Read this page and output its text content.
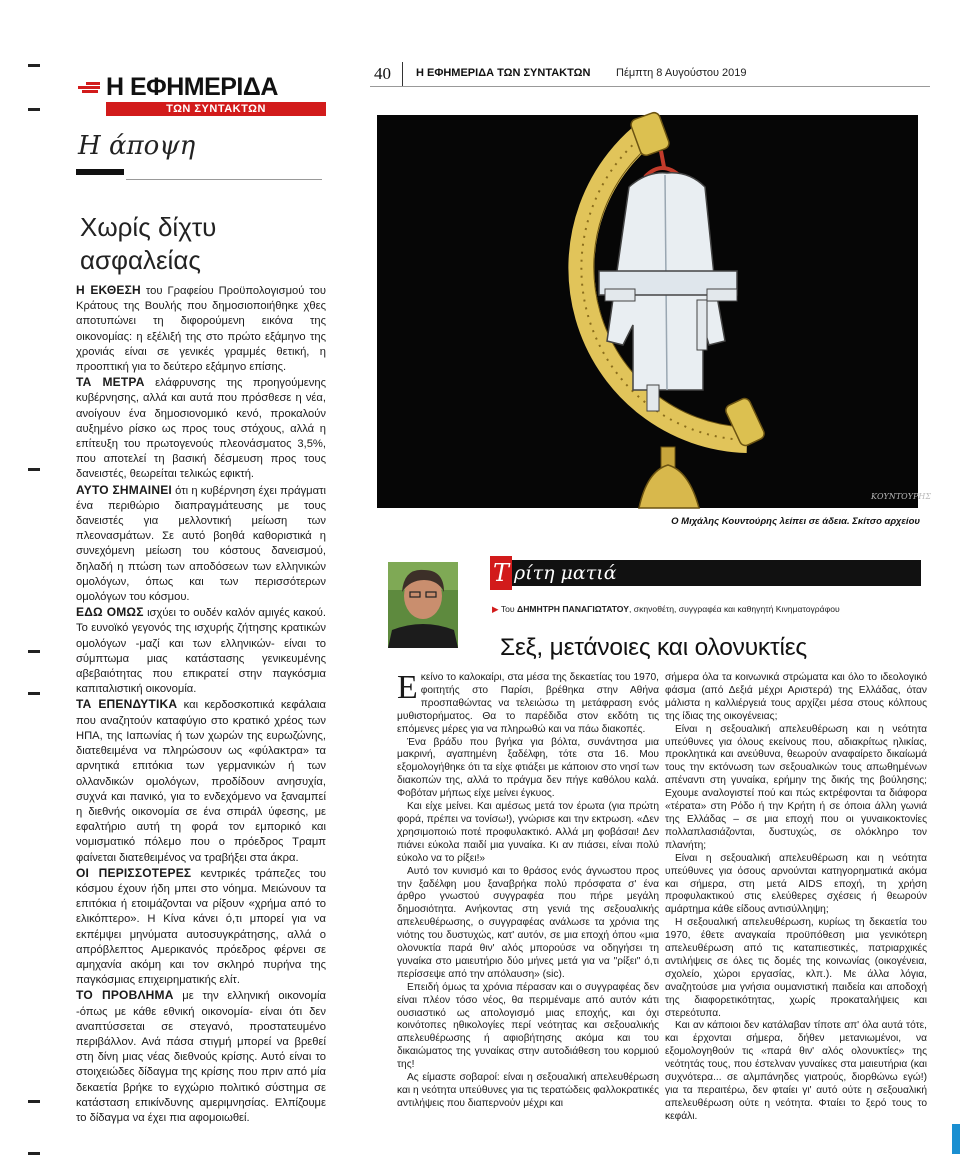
Η ΕΦΗΜΕΡΙΔΑ
ΤΩΝ ΣΥΝΤΑΚΤΩΝ
Η άποψη
Χωρίς δίχτυ ασφαλείας

Η ΕΚΘΕΣΗ του Γραφείου Προϋπολογισμού του Κράτους της Βουλής που δημοσιοποιήθηκε χθες αποτυπώνει τη διφορούμενη εικόνα της οικονομίας: η εξέλιξή της στο πρώτο εξάμηνο της χρονιάς είναι σε γενικές γραμμές θετική, η προοπτική για το δεύτερο εξάμηνο επίσης.

ΤΑ ΜΕΤΡΑ ελάφρυνσης της προηγούμενης κυβέρνησης, αλλά και αυτά που πρόσθεσε η νέα, ανοίγουν ένα δημοσιονομικό κενό, προκαλούν αυξημένο ρίσκο ως προς τους στόχους, αλλά η επίτευξη του πρωτογενούς πλεονάσματος 3,5%, που αποτελεί τη βασική δέσμευση προς τους δανειστές, θεωρείται τελικώς εφικτή.

ΑΥΤΟ ΣΗΜΑΙΝΕΙ ότι η κυβέρνηση έχει πράγματι ένα περιθώριο διαπραγμάτευσης με τους δανειστές για μελλοντική μείωση των πλεονασμάτων. Σε αυτό βοηθά καθοριστικά η συνεχόμενη μείωση του κόστους δανεισμού, δηλαδή η πτώση των αποδόσεων των ελληνικών ομολόγων, όπως και των περισσότερων ομολόγων του κόσμου.

ΕΔΩ ΟΜΩΣ ισχύει το ουδέν καλόν αμιγές κακού. Το ευνοϊκό γεγονός της ισχυρής ζήτησης κρατικών ομολόγων -μαζί και των ελληνικών- είναι το σύμπτωμα μιας κατάστασης γενικευμένης αβεβαιότητας που επικρατεί στην παγκόσμια καπιταλιστική οικονομία.

ΤΑ ΕΠΕΝΔΥΤΙΚΑ και κερδοσκοπικά κεφάλαια που αναζητούν καταφύγιο στο κρατικό χρέος των ΗΠΑ, της Ιαπωνίας ή των χωρών της ευρωζώνης, διατεθειμένα να πληρώσουν ως «φύλακτρα» τα αρνητικά επιτόκια των γερμανικών ή των ολλανδικών ομολόγων, προδίδουν ανησυχία, συχνά και πανικό, για το ενδεχόμενο να ξαναμπεί η διεθνής οικονομία σε ένα σπιράλ ύφεσης, με εφαλτήριο αυτή τη φορά τον εμπορικό και νομισματικό πόλεμο που ο πρόεδρος Τραμπ φαίνεται διατεθειμένος να τραβήξει στα άκρα.

ΟΙ ΠΕΡΙΣΣΟΤΕΡΕΣ κεντρικές τράπεζες του κόσμου έχουν ήδη μπει στο νόημα. Μειώνουν τα επιτόκια ή ετοιμάζονται να ρίξουν «χρήμα από το ελικόπτερο». Η Κίνα κάνει ό,τι μπορεί για να εκπέμψει μηνύματα αυτοσυγκράτησης, αλλά ο απρόβλεπτος Αμερικανός πρόεδρος φέρνει σε αμηχανία ακόμη και τον σκληρό πυρήνα της παγκόσμιας επιχειρηματικής ελίτ.

ΤΟ ΠΡΟΒΛΗΜΑ με την ελληνική οικονομία -όπως με κάθε εθνική οικονομία- είναι ότι δεν αναπτύσσεται σε στεγανό, προστατευμένο περιβάλλον. Ανά πάσα στιγμή μπορεί να βρεθεί στη δίνη μιας νέας διεθνούς κρίσης. Αυτό είναι το στοιχειώδες δίδαγμα της κρίσης που πριν από μία δεκαετία βρήκε το εγχώριο πολιτικό σύστημα σε κατάσταση επικίνδυνης αμεριμνησίας. Ελπίζουμε το δίδαγμα να έχει πια αφομοιωθεί.

40 Η ΕΦΗΜΕΡΙΔΑ ΤΩΝ ΣΥΝΤΑΚΤΩΝ Πέμπτη 8 Αυγούστου 2019
ΚΟΥΝΤΟΥΡΗΣ
Ο Μιχάλης Κουντούρης λείπει σε άδεια. Σκίτσο αρχείου
Τ ρίτη ματιά
▶ Του ΔΗΜΗΤΡΗ ΠΑΝΑΓΙΩΤΑΤΟΥ, σκηνοθέτη, συγγραφέα και καθηγητή Κινηματογράφου
Σεξ, μετάνοιες και ολονυκτίες

Εκείνο το καλοκαίρι, στα μέσα της δεκαετίας του 1970, φοιτητής στο Παρίσι, βρέθηκα στην Αθήνα προσπαθώντας να τελειώσω τη μετάφραση ενός μυθιστορήματος. Θα το παρέδιδα στον εκδότη τις επόμενες μέρες για να πληρωθώ και να πάω διακοπές.

Ένα βράδυ που βγήκα για βόλτα, συνάντησα μια μακρινή, αγαπημένη ξαδέλφη, τότε στα 16. Μου εξομολογήθηκε ότι τα είχε φτιάξει με κάποιον στο νησί των διακοπών της, αλλά το πράγμα δεν πήγε καθόλου καλά. Φοβόταν μήπως είχε μείνει έγκυος.

Και είχε μείνει. Και αμέσως μετά τον έρωτα (για πρώτη φορά, πρέπει να τονίσω!), γνώρισε και την εκτρωση. «Δεν χρησιμοποιώ ποτέ προφυλακτικό. Αλλά μη φοβάσαι! Δεν πιάνει εύκολα παιδί μια γυναίκα. Κι αν πιάσει, είναι πολύ εύκολο να το ρίξει!»

Αυτό τον κυνισμό και το θράσος ενός άγνωστου προς την ξαδέλφη μου ξαναβρήκα πολύ πρόσφατα σ' ένα άρθρο γνωστού συγγραφέα που πήρε μεγάλη δημοσιότητα. Ανήκοντας στη γενιά της σεξουαλικής απελευθέρωσης, ο συγγραφέας ανάλωσε τα χρόνια της νιότης του δυστυχώς, κατ' αυτόν, σε μια εποχή όπου «μια ολονυκτία παρά θιν' αλός μπορούσε να οδηγήσει τη γυναίκα στο μαιευτήριο δύο μήνες μετά για να "ρίξει" ό,τι περίσσεψε από την απόλαυση» (sic).

Επειδή όμως τα χρόνια πέρασαν και ο συγγραφέας δεν είναι πλέον τόσο νέος, θα περιμέναμε από αυτόν κάτι ουσιαστικό ως απολογισμό μιας εποχής, και όχι κοινότοπες ηθικολογίες περί νεότητας και σεξουαλικής απελευθέρωσης ή αφιοβήτησης ακόμα και του δικαιώματος της γυναίκας στην αυτοδιάθεση του κορμιού της!

Ας είμαστε σοβαροί: είναι η σεξουαλική απελευθέρωση και η νεότητα υπεύθυνες για τις τερατώδεις φαλλοκρατικές αντιλήψεις που διαπερνούν μέχρι και

σήμερα όλα τα κοινωνικά στρώματα και όλο το ιδεολογικό φάσμα (από Δεξιά μέχρι Αριστερά) της Ελλάδας, όταν μάλιστα η καλλιέργειά τους αρχίζει μέσα στους κόλπους της ίδιας της οικογένειας;

Είναι η σεξουαλική απελευθέρωση και η νεότητα υπεύθυνες για όλους εκείνους που, αδιακρίτως ηλικίας, προκλητικά και ανεύθυνα, θεωρούν αναφαίρετο δικαίωμά τους την εκτόνωση των σεξουαλικών τους απωθημένων απέναντι στη γυναίκα, ερήμην της δικής της βούλησης; Εχουμε αναλογιστεί πού και πώς εκτρέφονται τα διάφορα «τέρατα» στη Ρόδο ή την Κρήτη ή σε όποια άλλη γωνιά της Ελλάδας – σε μια εποχή που οι γυναικοκτονίες πολλαπλασιάζονται, δυστυχώς, σε ολόκληρο τον πλανήτη;

Είναι η σεξουαλική απελευθέρωση και η νεότητα υπεύθυνες για όσους αρνούνται κατηγορηματικά ακόμα και σήμερα, στη μετά AIDS εποχή, τη χρήση προφυλακτικού στις ελεύθερες σχέσεις ή θεωρούν αμάρτημα κάθε είδους αντισύλληψη;

Η σεξουαλική απελευθέρωση, κυρίως τη δεκαετία του 1970, έθετε αναγκαία προϋπόθεση μια γενικότερη απελευθέρωση από τις καταπιεστικές, πατριαρχικές αντιλήψεις σε όλες τις δομές της κοινωνίας (οικογένεια, σχολείο, χώροι εργασίας, κλπ.). Με άλλα λόγια, αναζητούσε μια γνήσια ουμανιστική παιδεία και αποδοχή της διαφορετικότητας, χωρίς προκαταλήψεις και στερεότυπα.

Και αν κάποιοι δεν κατάλαβαν τίποτε απ' όλα αυτά τότε, και έρχονται σήμερα, δήθεν μετανιωμένοι, να εξομολογηθούν τις «παρά θιν' αλός ολονυκτίες» της νεότητάς τους, που έστελναν γυναίκες στα μαιευτήρια (και συχνότερα... σε αλμπάνηδες γιατρούς, διορθώνω εγώ!) για τα περαιτέρω, δεν φταίει γι' αυτό ούτε η σεξουαλική απελευθέρωση ούτε η νεότητα. Φταίει το ξερό τους το κεφάλι.
